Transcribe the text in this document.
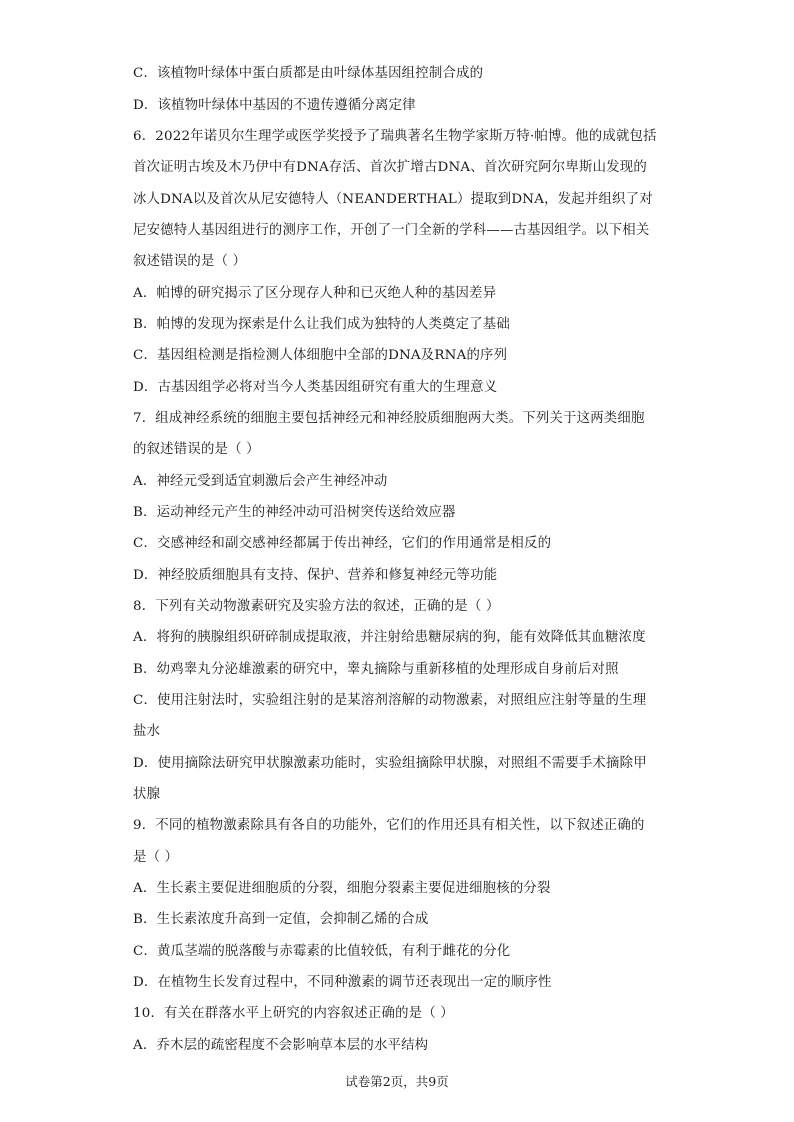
C．该植物叶绿体中蛋白质都是由叶绿体基因组控制合成的
D．该植物叶绿体中基因的不遗传遵循分离定律
6．2022年诺贝尔生理学或医学奖授予了瑞典著名生物学家斯万特·帕博。他的成就包括
首次证明古埃及木乃伊中有DNA存活、首次扩增古DNA、首次研究阿尔卑斯山发现的
冰人DNA以及首次从尼安德特人（NEANDERTHAL）提取到DNA，发起并组织了对
尼安德特人基因组进行的测序工作，开创了一门全新的学科——古基因组学。以下相关
叙述错误的是（ ）
A．帕博的研究揭示了区分现存人种和已灭绝人种的基因差异
B．帕博的发现为探索是什么让我们成为独特的人类奠定了基础
C．基因组检测是指检测人体细胞中全部的DNA及RNA的序列
D．古基因组学必将对当今人类基因组研究有重大的生理意义
7．组成神经系统的细胞主要包括神经元和神经胶质细胞两大类。下列关于这两类细胞
的叙述错误的是（ ）
A．神经元受到适宜刺激后会产生神经冲动
B．运动神经元产生的神经冲动可沿树突传送给效应器
C．交感神经和副交感神经都属于传出神经，它们的作用通常是相反的
D．神经胶质细胞具有支持、保护、营养和修复神经元等功能
8．下列有关动物激素研究及实验方法的叙述，正确的是（ ）
A．将狗的胰腺组织研碎制成提取液，并注射给患糖尿病的狗，能有效降低其血糖浓度
B．幼鸡睾丸分泌雄激素的研究中，睾丸摘除与重新移植的处理形成自身前后对照
C．使用注射法时，实验组注射的是某溶剂溶解的动物激素，对照组应注射等量的生理
盐水
D．使用摘除法研究甲状腺激素功能时，实验组摘除甲状腺，对照组不需要手术摘除甲
状腺
9．不同的植物激素除具有各自的功能外，它们的作用还具有相关性，以下叙述正确的
是（ ）
A．生长素主要促进细胞质的分裂，细胞分裂素主要促进细胞核的分裂
B．生长素浓度升高到一定值，会抑制乙烯的合成
C．黄瓜茎端的脱落酸与赤霉素的比值较低，有利于雌花的分化
D．在植物生长发育过程中，不同种激素的调节还表现出一定的顺序性
10．有关在群落水平上研究的内容叙述正确的是（ ）
A．乔木层的疏密程度不会影响草本层的水平结构
试卷第2页，共9页
